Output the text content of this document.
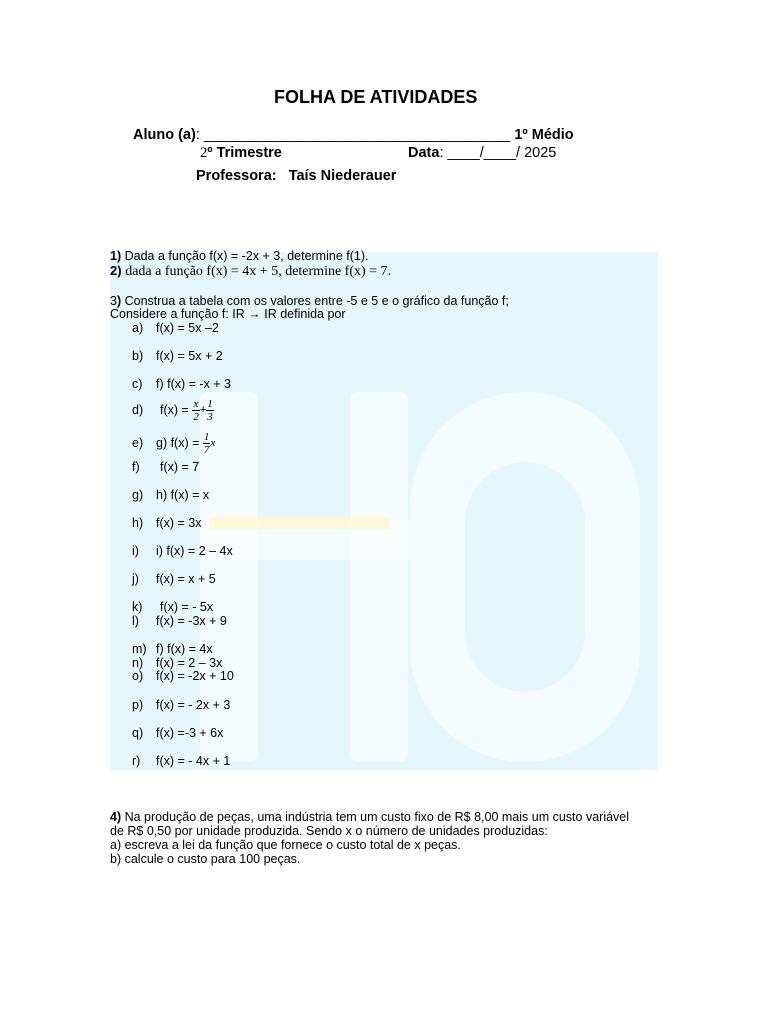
FOLHA DE ATIVIDADES
Aluno (a): ______________________________________ 1º Médio
2º Trimestre	Data: ____/____/ 2025
Professora: Taís Niederauer
1) Dada a função f(x) = -2x + 3, determine f(1).
2) dada a função f(x) = 4x + 5, determine f(x) = 7.
3) Construa a tabela com os valores entre -5 e 5 e o gráfico da função f;
Considere a função f: IR → IR definida por
a) f(x) = 5x –2
b) f(x) = 5x + 2
c) f) f(x) = -x + 3
d)	f(x) =
$\frac{x}{2} + \frac{1}{3}$
e)	g) f(x) =
$\frac{1}{7}$ x
f) f(x) = 7
g) h) f(x) = x
h) f(x) = 3x
i) i) f(x) = 2 – 4x
j) f(x) = x + 5
k) f(x) = - 5x
l) f(x) = -3x + 9
m) f) f(x) = 4x
n) f(x) = 2 – 3x
o) f(x) = -2x + 10
p) f(x) = - 2x + 3
q) f(x) =-3 + 6x
r) f(x) = - 4x + 1
4) Na produção de peças, uma indústria tem um custo fixo de R$ 8,00 mais um custo variável
de R$ 0,50 por unidade produzida. Sendo x o número de unidades produzidas:
a) escreva a lei da função que fornece o custo total de x peças.
b) calcule o custo para 100 peças.
